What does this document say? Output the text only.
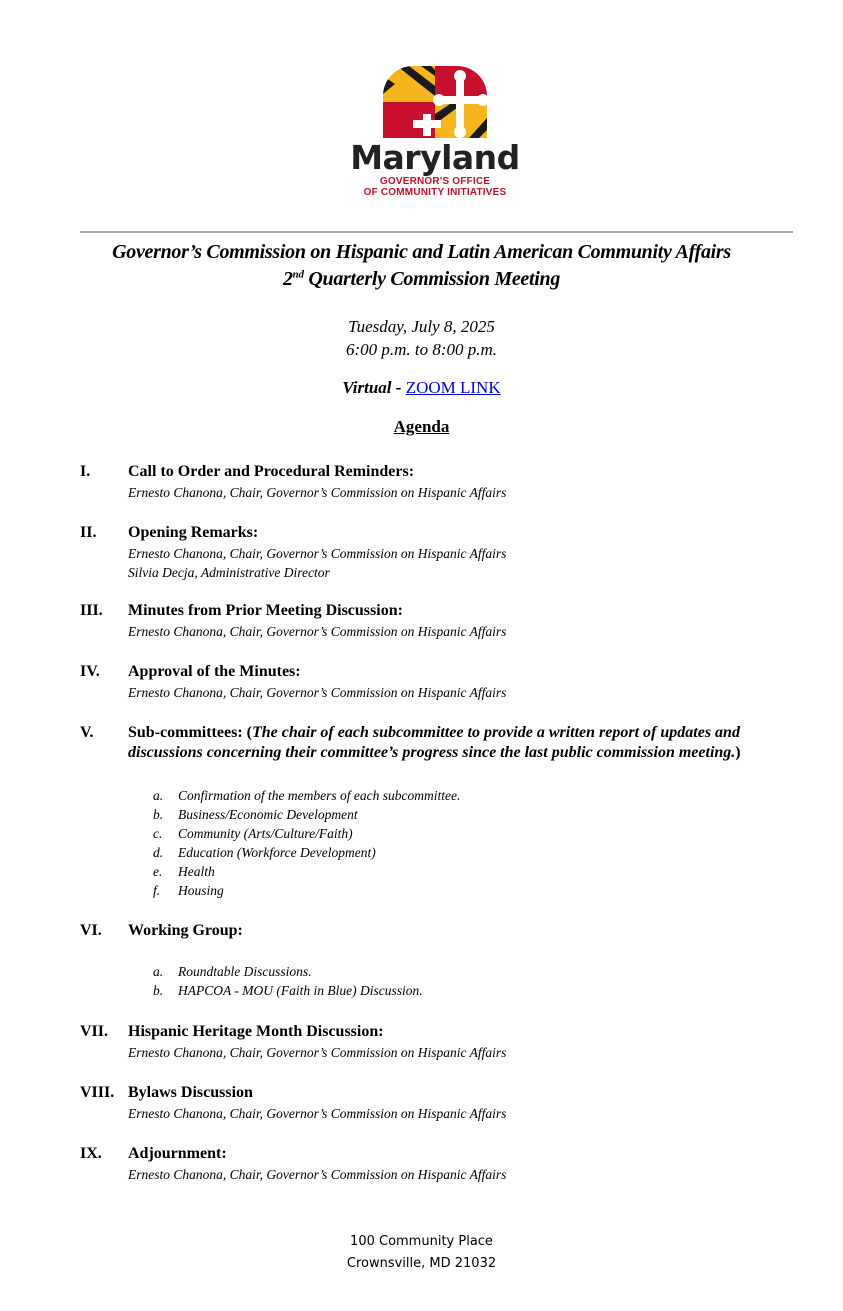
Maryland
GOVERNOR'S OFFICE
OF COMMUNITY INITIATIVES
Governor’s Commission on Hispanic and Latin American Community Affairs
2nd Quarterly Commission Meeting
Tuesday, July 8, 2025
6:00 p.m. to 8:00 p.m.
Virtual - ZOOM LINK
Agenda
I. Call to Order and Procedural Reminders:
Ernesto Chanona, Chair, Governor’s Commission on Hispanic Affairs
II. Opening Remarks:
Ernesto Chanona, Chair, Governor’s Commission on Hispanic Affairs
Silvia Decja, Administrative Director
III. Minutes from Prior Meeting Discussion:
Ernesto Chanona, Chair, Governor’s Commission on Hispanic Affairs
IV. Approval of the Minutes:
Ernesto Chanona, Chair, Governor’s Commission on Hispanic Affairs
V. Sub-committees: (The chair of each subcommittee to provide a written report of updates and discussions concerning their committee’s progress since the last public commission meeting.)
a. Confirmation of the members of each subcommittee.
b. Business/Economic Development
c. Community (Arts/Culture/Faith)
d. Education (Workforce Development)
e. Health
f. Housing
VI. Working Group:
a. Roundtable Discussions.
b. HAPCOA - MOU (Faith in Blue) Discussion.
VII. Hispanic Heritage Month Discussion:
Ernesto Chanona, Chair, Governor’s Commission on Hispanic Affairs
VIII. Bylaws Discussion
Ernesto Chanona, Chair, Governor’s Commission on Hispanic Affairs
IX. Adjournment:
Ernesto Chanona, Chair, Governor’s Commission on Hispanic Affairs
100 Community Place
Crownsville, MD 21032
